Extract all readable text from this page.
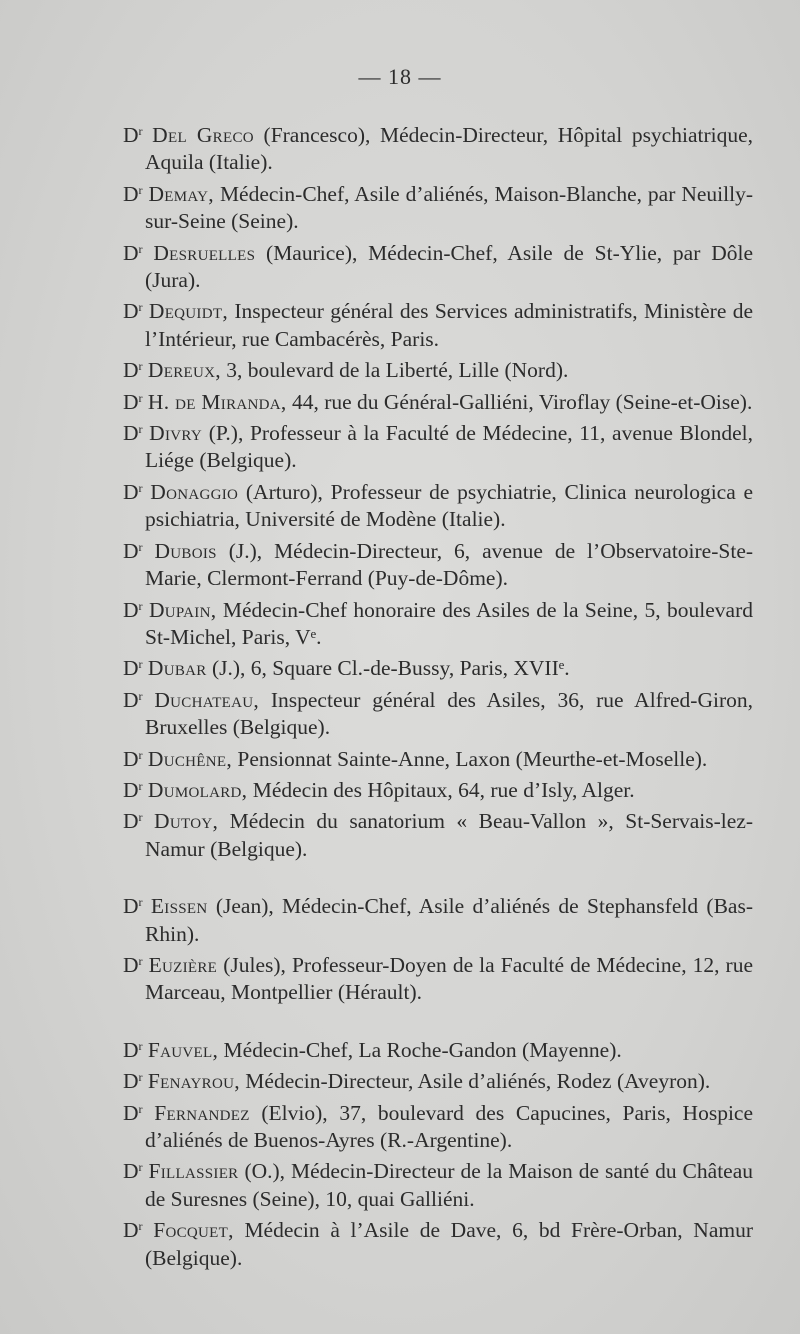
— 18 —
$D^r$ Del Greco (Francesco), Médecin-Directeur, Hôpital psychiatrique, Aquila (Italie).
$D^r$ Demay, Médecin-Chef, Asile d’aliénés, Maison-Blanche, par Neuilly-sur-Seine (Seine).
$D^r$ Desruelles (Maurice), Médecin-Chef, Asile de St-Ylie, par Dôle (Jura).
$D^r$ Dequidt, Inspecteur général des Services administratifs, Ministère de l’Intérieur, rue Cambacérès, Paris.
$D^r$ Dereux, 3, boulevard de la Liberté, Lille (Nord).
$D^r$ H. de Miranda, 44, rue du Général-Galliéni, Viroflay (Seine-et-Oise).
$D^r$ Divry (P.), Professeur à la Faculté de Médecine, 11, avenue Blondel, Liége (Belgique).
$D^r$ Donaggio (Arturo), Professeur de psychiatrie, Clinica neurologica e psichiatria, Université de Modène (Italie).
$D^r$ Dubois (J.), Médecin-Directeur, 6, avenue de l’Observatoire-Ste-Marie, Clermont-Ferrand (Puy-de-Dôme).
$D^r$ Dupain, Médecin-Chef honoraire des Asiles de la Seine, 5, boulevard St-Michel, Paris, Vᵉ.
$D^r$ Dubar (J.), 6, Square Cl.-de-Bussy, Paris, XVIIᵉ.
$D^r$ Duchateau, Inspecteur général des Asiles, 36, rue Alfred-Giron, Bruxelles (Belgique).
$D^r$ Duchêne, Pensionnat Sainte-Anne, Laxon (Meurthe-et-Moselle).
$D^r$ Dumolard, Médecin des Hôpitaux, 64, rue d’Isly, Alger.
$D^r$ Dutoy, Médecin du sanatorium « Beau-Vallon », St-Servais-lez-Namur (Belgique).
$D^r$ Eissen (Jean), Médecin-Chef, Asile d’aliénés de Stephansfeld (Bas-Rhin).
$D^r$ Euzière (Jules), Professeur-Doyen de la Faculté de Médecine, 12, rue Marceau, Montpellier (Hérault).
$D^r$ Fauvel, Médecin-Chef, La Roche-Gandon (Mayenne).
$D^r$ Fenayrou, Médecin-Directeur, Asile d’aliénés, Rodez (Aveyron).
$D^r$ Fernandez (Elvio), 37, boulevard des Capucines, Paris, Hospice d’aliénés de Buenos-Ayres (R.-Argentine).
$D^r$ Fillassier (O.), Médecin-Directeur de la Maison de santé du Château de Suresnes (Seine), 10, quai Galliéni.
$D^r$ Focquet, Médecin à l’Asile de Dave, 6, bd Frère-Orban, Namur (Belgique).
